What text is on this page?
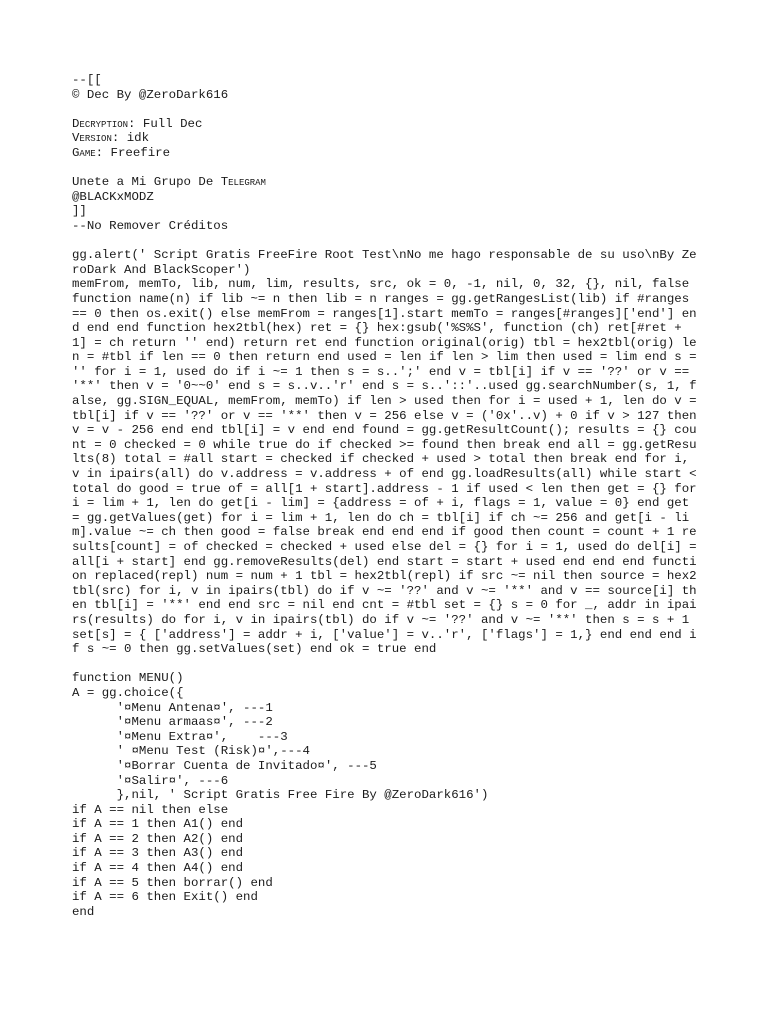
--[[
© Dec By @ZeroDark616
Decryption: Full Dec
Version: idk
Game: Freefire
Unete a Mi Grupo De Telegram
@BLACKxMODZ
]]
--No Remover Créditos
gg.alert(' Script Gratis FreeFire Root Test\nNo me hago responsable de su uso\nBy ZeroDark And BlackScoper')
memFrom, memTo, lib, num, lim, results, src, ok = 0, -1, nil, 0, 32, {}, nil, false function name(n) if lib ~= n then lib = n ranges = gg.getRangesList(lib) if #ranges == 0 then os.exit() else memFrom = ranges[1].start memTo = ranges[#ranges]['end'] end end end function hex2tbl(hex) ret = {} hex:gsub('%S%S', function (ch) ret[#ret + 1] = ch return '' end) return ret end function original(orig) tbl = hex2tbl(orig) len = #tbl if len == 0 then return end used = len if len > lim then used = lim end s = '' for i = 1, used do if i ~= 1 then s = s..';' end v = tbl[i] if v == '??' or v == '**' then v = '0~~0' end s = s..v..'r' end s = s..'::'..used gg.searchNumber(s, 1, false, gg.SIGN_EQUAL, memFrom, memTo) if len > used then for i = used + 1, len do v = tbl[i] if v == '??' or v == '**' then v = 256 else v = ('0x'..v) + 0 if v > 127 then v = v - 256 end end tbl[i] = v end end found = gg.getResultCount(); results = {} count = 0 checked = 0 while true do if checked >= found then break end all = gg.getResults(8) total = #all start = checked if checked + used > total then break end for i, v in ipairs(all) do v.address = v.address + of end gg.loadResults(all) while start < total do good = true of = all[1 + start].address - 1 if used < len then get = {} for i = lim + 1, len do get[i - lim] = {address = of + i, flags = 1, value = 0} end get = gg.getValues(get) for i = lim + 1, len do ch = tbl[i] if ch ~= 256 and get[i - lim].value ~= ch then good = false break end end end if good then count = count + 1 results[count] = of checked = checked + used else del = {} for i = 1, used do del[i] = all[i + start] end gg.removeResults(del) end start = start + used end end end function replaced(repl) num = num + 1 tbl = hex2tbl(repl) if src ~= nil then source = hex2tbl(src) for i, v in ipairs(tbl) do if v ~= '??' and v ~= '**' and v == source[i] then tbl[i] = '**' end end src = nil end cnt = #tbl set = {} s = 0 for _, addr in ipairs(results) do for i, v in ipairs(tbl) do if v ~= '??' and v ~= '**' then s = s + 1 set[s] = { ['address'] = addr + i, ['value'] = v..'r', ['flags'] = 1,} end end end if s ~= 0 then gg.setValues(set) end ok = true end
function MENU()
A = gg.choice({
'¤Menu Antena¤', ---1
'¤Menu armaas¤', ---2
'¤Menu Extra¤',    ---3
' ¤Menu Test (Risk)¤',---4
'¤Borrar Cuenta de Invitado¤', ---5
'¤Salir¤', ---6
},nil, ' Script Gratis Free Fire By @ZeroDark616')
if A == nil then else
if A == 1 then A1() end
if A == 2 then A2() end
if A == 3 then A3() end
if A == 4 then A4() end
if A == 5 then borrar() end
if A == 6 then Exit() end
end
